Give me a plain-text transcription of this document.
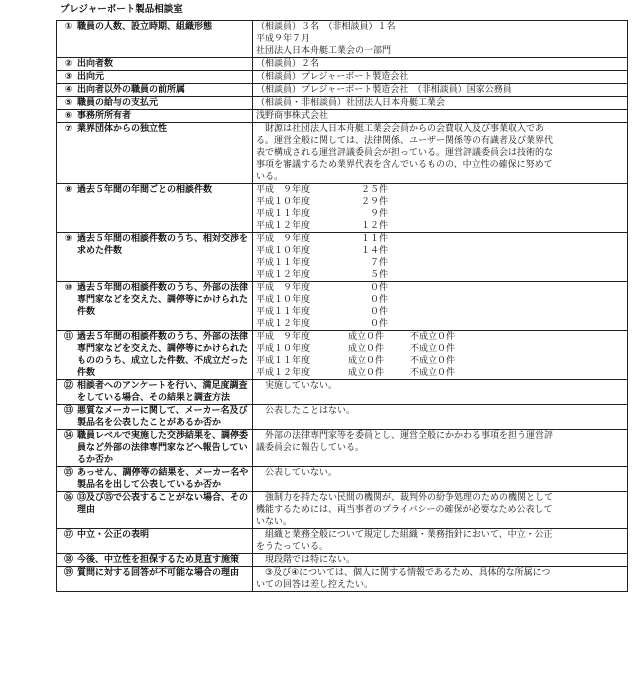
プレジャーボート製品相談室
① 職員の人数、設立時期、組織形態	（相談員）３名　（非相談員）１名
平成９年７月
社団法人日本舟艇工業会の一部門

② 出向者数	（相談員）２名

③ 出向元	（相談員）プレジャーボート製造会社

④ 出向者以外の職員の前所属	（相談員）プレジャーボート製造会社　（非相談員）国家公務員

⑤ 職員の給与の支払元	（相談員・非相談員）社団法人日本舟艇工業会

⑥ 事務所所有者	浅野商事株式会社

⑦ 業界団体からの独立性	　財源は社団法人日本舟艇工業会会員からの会費収入及び事業収入であ
る。運営全般に関しては、法律関係、ユーザー関係等の有識者及び業界代
表で構成される運営評議委員会が担っている。運営評議委員会は技術的な
事項を審議するため業界代表を含んでいるものの、中立性の確保に努めて
いる。

⑧ 過去５年間の年間ごとの相談件数	平成　９年度 ２５件
平成１０年度 ２９件
平成１１年度 ９件
平成１２年度 １２件

⑨ 過去５年間の相談件数のうち、相対交渉を求めた件数	平成　９年度 １１件
平成１０年度 １４件
平成１１年度 ７件
平成１２年度 ５件

⑩ 過去５年間の相談件数のうち、外部の法律専門家などを交えた、調停等にかけられた件数	平成　９年度 ０件
平成１０年度 ０件
平成１１年度 ０件
平成１２年度 ０件

⑪ 過去５年間の相談件数のうち、外部の法律専門家などを交えた、調停等にかけられたもののうち、成立した件数、不成立だった件数	平成　９年度 成立０件 不成立０件
平成１０年度 成立０件 不成立０件
平成１１年度 成立０件 不成立０件
平成１２年度 成立０件 不成立０件

⑫ 相談者へのアンケートを行い、満足度調査をしている場合、その結果と調査方法	　実施していない。

⑬ 悪質なメーカーに関して、メーカー名及び製品名を公表したことがあるか否か	　公表したことはない。

⑭ 職員レベルで実施した交渉結果を、調停委員など外部の法律専門家などへ報告しているか否か	　外部の法律専門家等を委員とし、運営全般にかかわる事項を担う運営評
議委員会に報告している。

⑮ あっせん、調停等の結果を、メーカー名や製品名を出して公表しているか否か	　公表していない。

⑯ ⑬及び⑮で公表することがない場合、その理由	　強制力を持たない民間の機関が、裁判外の紛争処理のための機関として
機能するためには、両当事者のプライバシーの確保が必要なため公表して
いない。

⑰ 中立・公正の表明	　組織と業務全般について規定した組織・業務指針において、中立・公正
をうたっている。

⑱ 今後、中立性を担保するため見直す施策	　現段階では特にない。

⑲ 質問に対する回答が不可能な場合の理由	　③及び④については、個人に関する情報であるため、具体的な所属につ
いての回答は差し控えたい。
